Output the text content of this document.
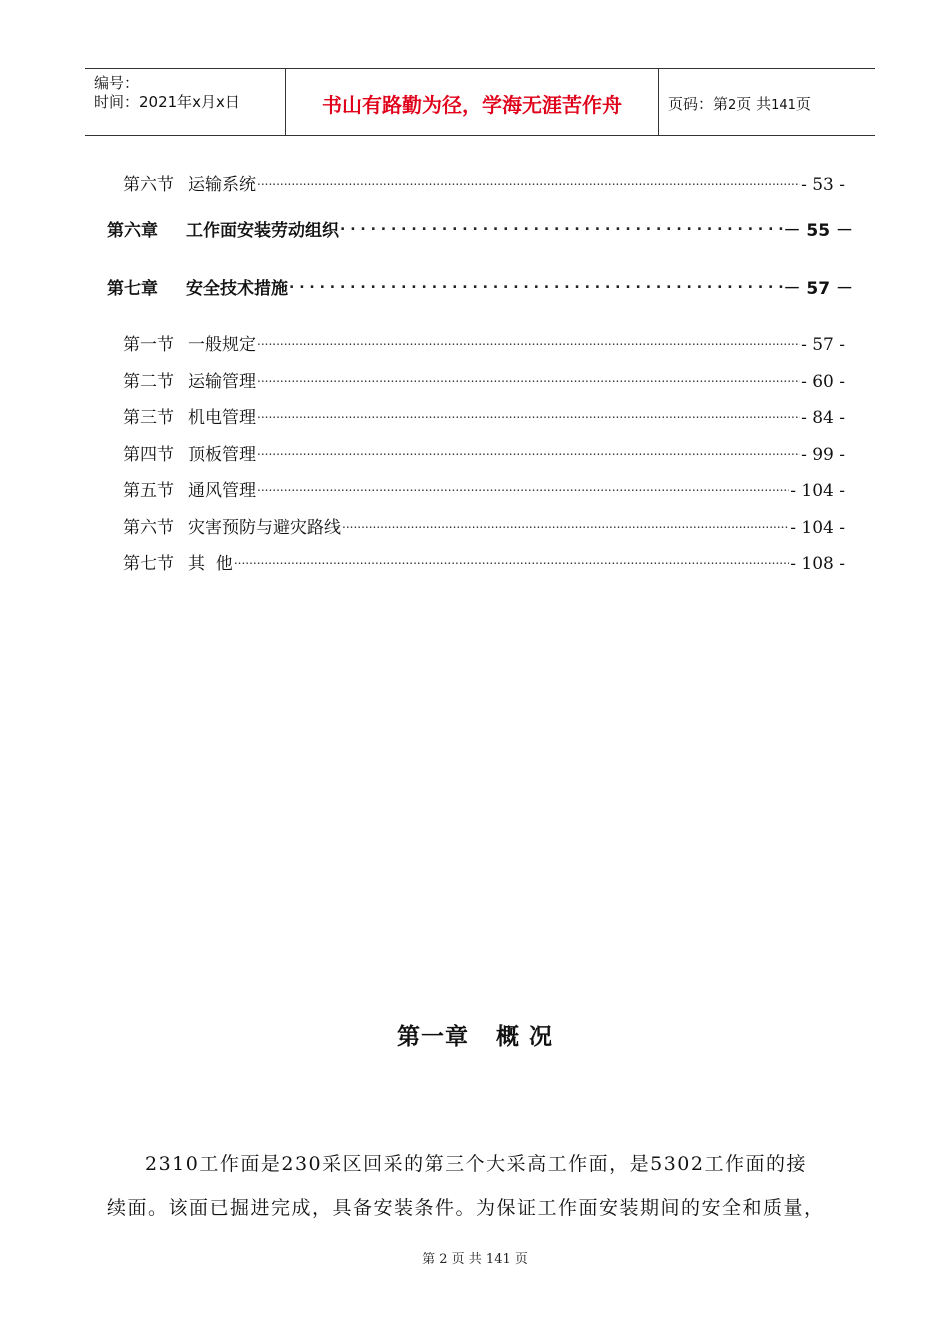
编号：
时间：2021年x月x日	书山有路勤为径，学海无涯苦作舟	页码：第2页 共141页
第六节 运输系统 .....	- 53 -
第六章 工作面安装劳动组织 . . .	－ 55 －
第七章 安全技术措施 . . .	－ 57 －
第一节 一般规定 .....	- 57 -
第二节 运输管理 .....	- 60 -
第三节 机电管理 .....	- 84 -
第四节 顶板管理 .....	- 99 -
第五节 通风管理 .....	- 104 -
第六节 灾害预防与避灾路线 .....	- 104 -
第七节 其  他 .....	- 108 -
第一章   概 况
2310工作面是230采区回采的第三个大采高工作面，是5302工作面的接
续面。该面已掘进完成，具备安装条件。为保证工作面安装期间的安全和质量，
第 2 页 共 141 页
